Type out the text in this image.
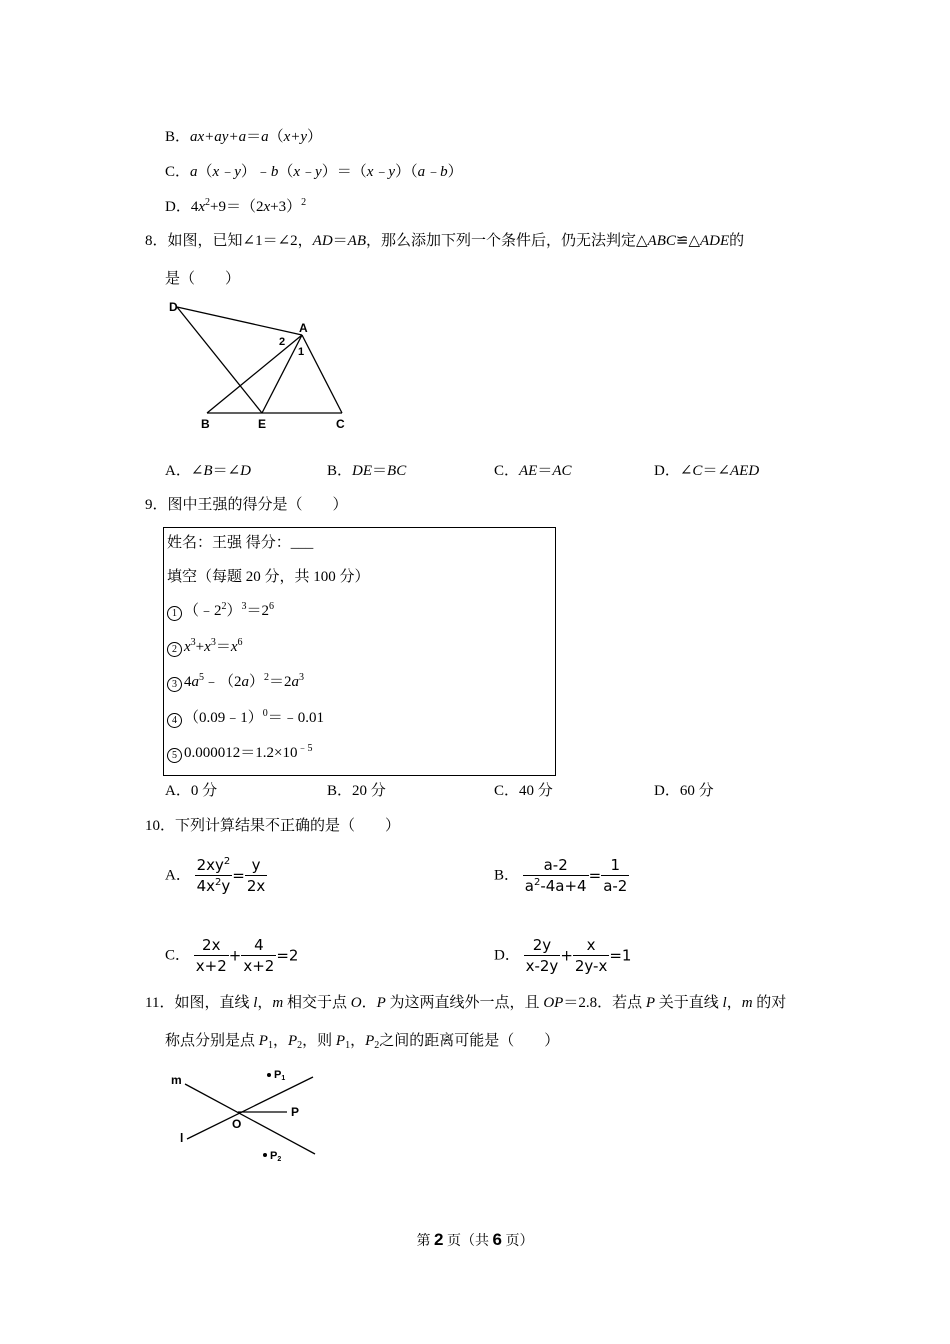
B．ax+ay+a＝a（x+y）
C．a（x﹣y）﹣b（x﹣y）＝（x﹣y）（a﹣b）
D．$4x^2+9=(2x+3)^2$
8．如图，已知∠1＝∠2，AD＝AB，那么添加下列一个条件后，仍无法判定△ABC≌△ADE的
是（　　）
D
A
2
1
B	E	C
A．∠B＝∠D	B．DE＝BC	C．AE＝AC	D．∠C＝∠AED
9．图中王强的得分是（　　）
姓名：王强 得分：___
填空（每题 20 分，共 100 分）
1 $(﹣2^2)^3=2^6$
2 $x^3+x^3=x^6$
3 $4a^5﹣(2a)^2=2a^3$
4 （0.09﹣1）$^0$＝﹣0.01
5 $0.000012=1.2\times 10^{﹣5}$
A．0 分	B．20 分	C．40 分	D．60 分
10．下列计算结果不正确的是（　　）
A． $\frac{2xy^2}{4x^2y} = \frac{y}{2x}$	B． $\frac{a-2}{a^2-4a+4} = \frac{1}{a-2}$
C． $\frac{2x}{x+2} + \frac{4}{x+2} =2$	D． $\frac{2y}{x-2y} + \frac{x}{2y-x} =1$
11．如图，直线 l，m 相交于点 O．P 为这两直线外一点，且 OP＝2.8．若点 P 关于直线 l，m 的对
称点分别是点 $P_1$，$P_2$，则 $P_1$，$P_2$之间的距离可能是（　　）
m
l
O
P
P1
P2
第 2 页（共 6 页）
